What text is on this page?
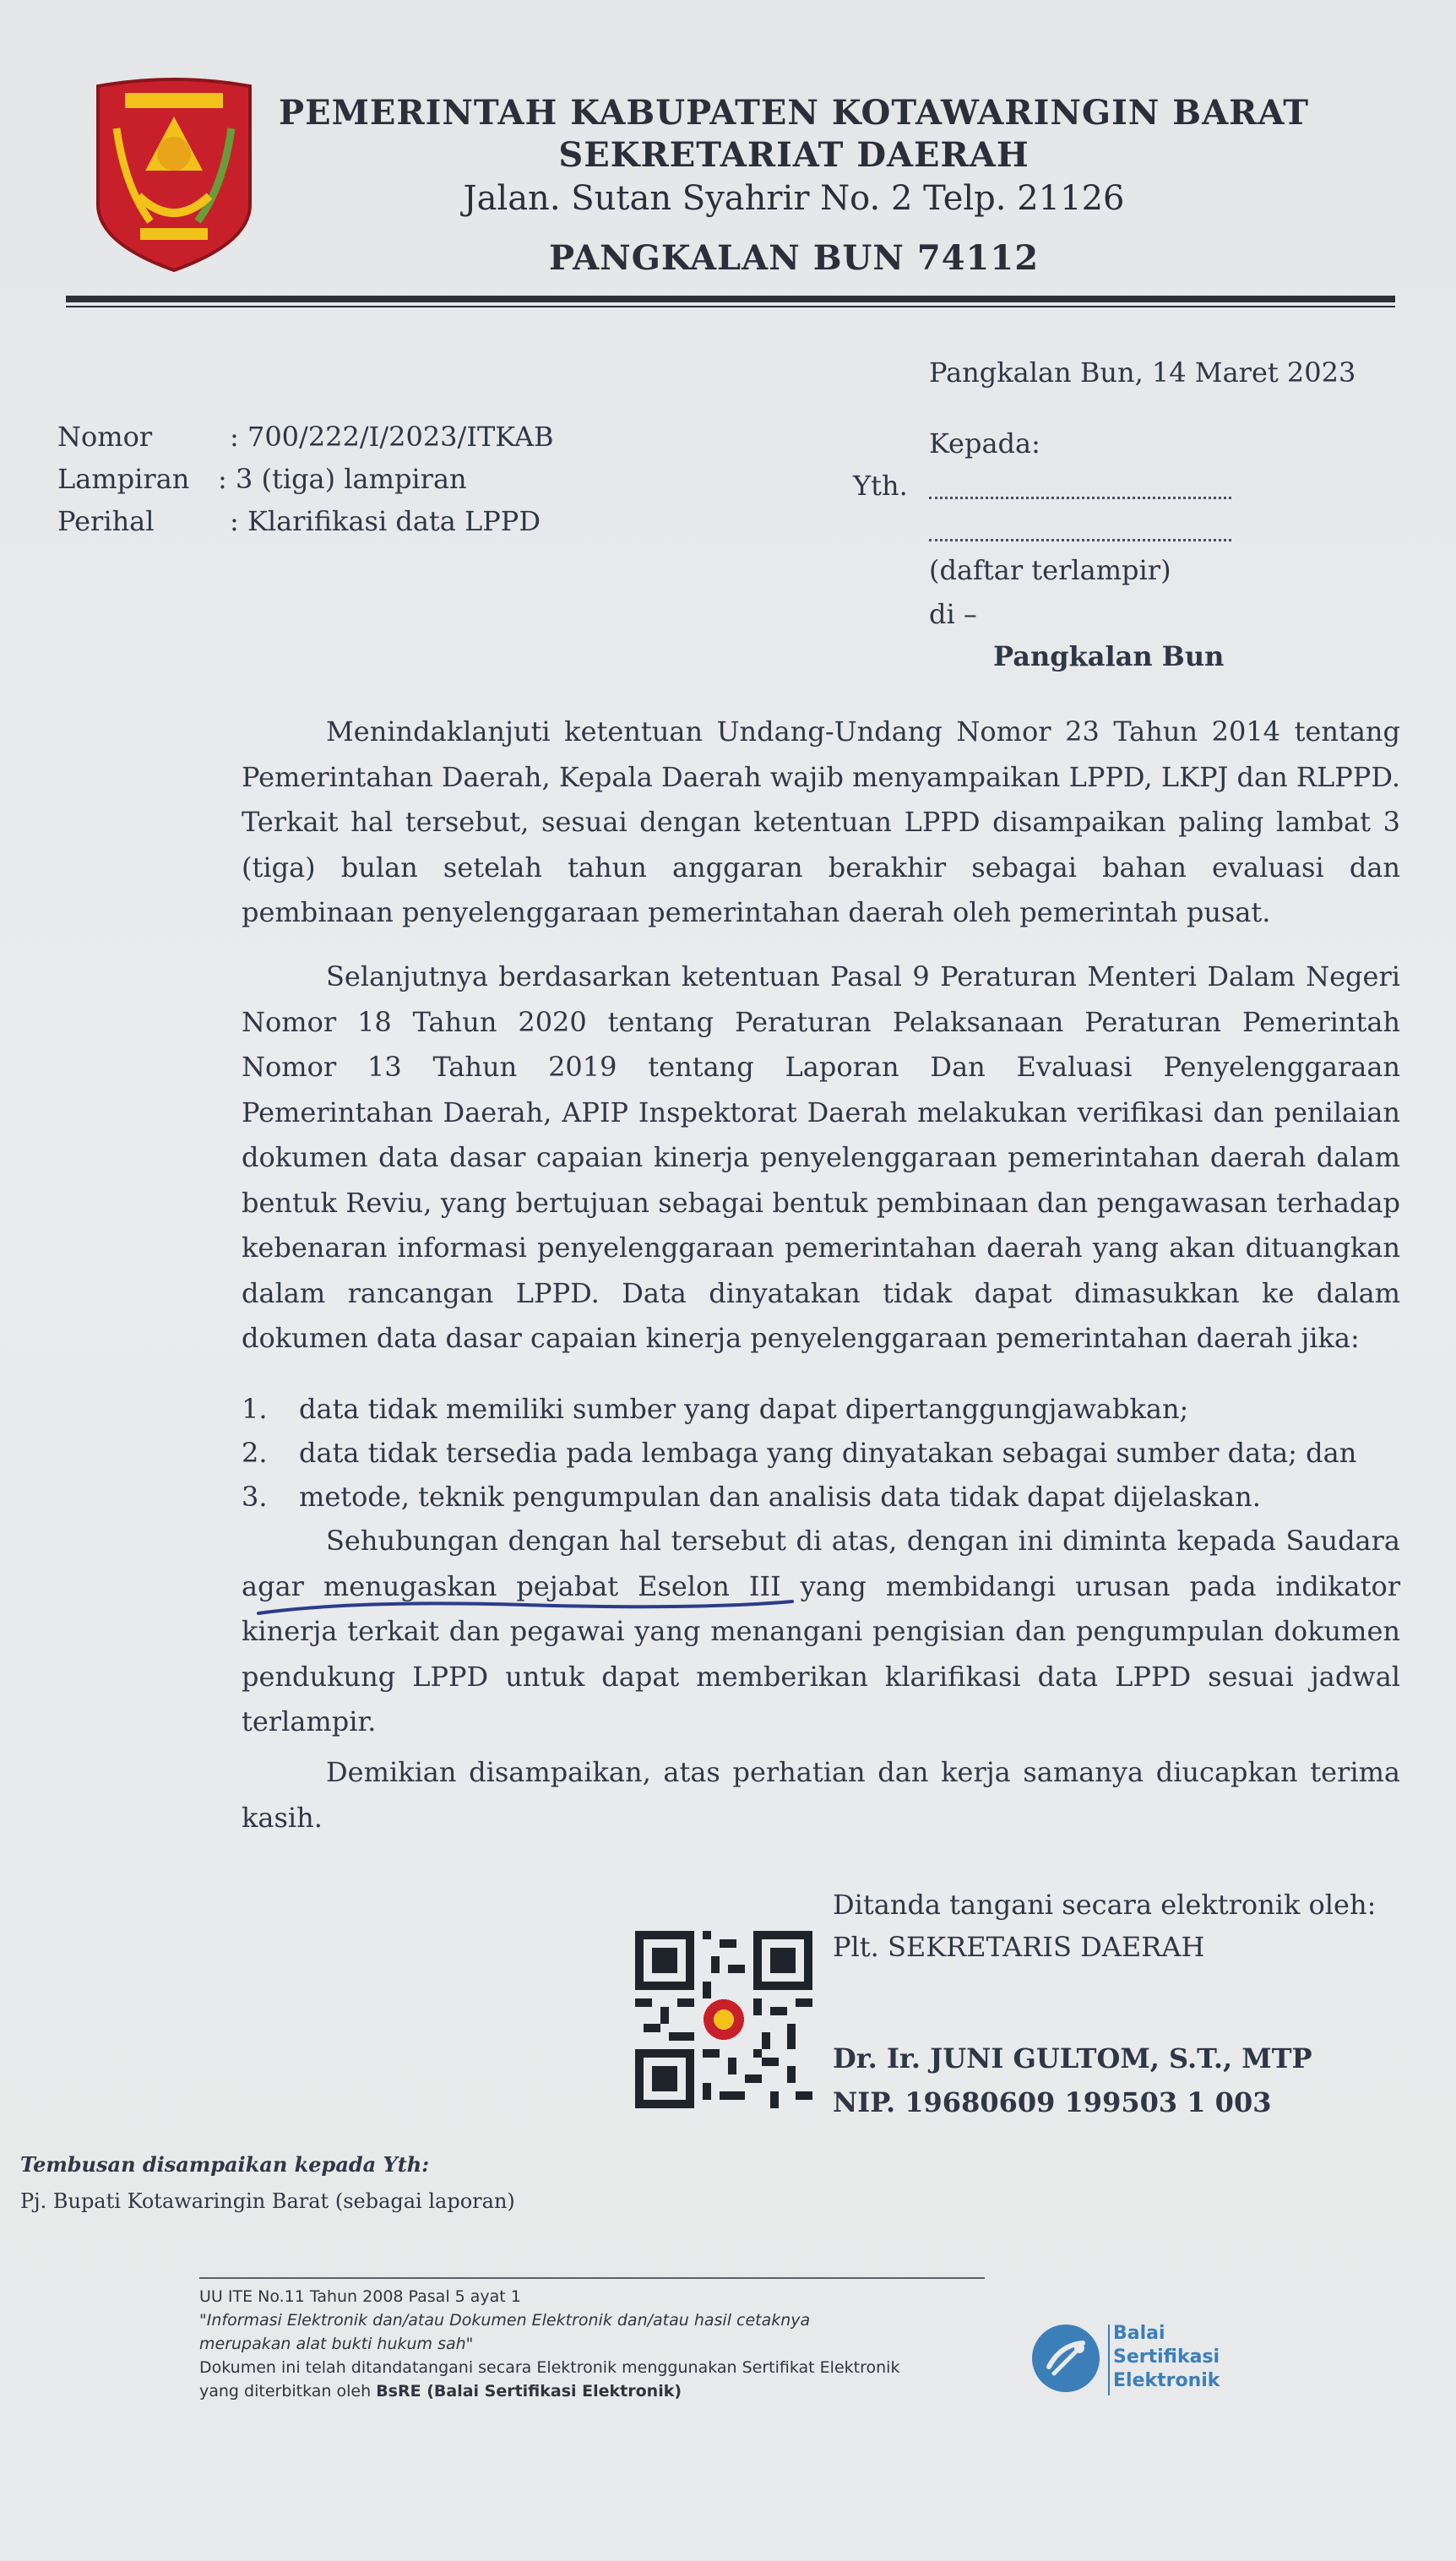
PEMERINTAH KABUPATEN KOTAWARINGIN BARAT
SEKRETARIAT DAERAH
Jalan. Sutan Syahrir No. 2 Telp. 21126
PANGKALAN BUN 74112
Pangkalan Bun, 14 Maret 2023
Nomor	: 700/222/I/2023/ITKAB
Lampiran : 3 (tiga) lampiran
Perihal	: Klarifikasi data LPPD
Kepada:
Yth.
(daftar terlampir)
di –
Pangkalan Bun
Menindaklanjuti ketentuan Undang-Undang Nomor 23 Tahun 2014 tentang Pemerintahan Daerah, Kepala Daerah wajib menyampaikan LPPD, LKPJ dan RLPPD. Terkait hal tersebut, sesuai dengan ketentuan LPPD disampaikan paling lambat 3 (tiga) bulan setelah tahun anggaran berakhir sebagai bahan evaluasi dan pembinaan penyelenggaraan pemerintahan daerah oleh pemerintah pusat.
Selanjutnya berdasarkan ketentuan Pasal 9 Peraturan Menteri Dalam Negeri Nomor 18 Tahun 2020 tentang Peraturan Pelaksanaan Peraturan Pemerintah Nomor 13 Tahun 2019 tentang Laporan Dan Evaluasi Penyelenggaraan Pemerintahan Daerah, APIP Inspektorat Daerah melakukan verifikasi dan penilaian dokumen data dasar capaian kinerja penyelenggaraan pemerintahan daerah dalam bentuk Reviu, yang bertujuan sebagai bentuk pembinaan dan pengawasan terhadap kebenaran informasi penyelenggaraan pemerintahan daerah yang akan dituangkan dalam rancangan LPPD. Data dinyatakan tidak dapat dimasukkan ke dalam dokumen data dasar capaian kinerja penyelenggaraan pemerintahan daerah jika:
1. data tidak memiliki sumber yang dapat dipertanggungjawabkan;
2. data tidak tersedia pada lembaga yang dinyatakan sebagai sumber data; dan
3. metode, teknik pengumpulan dan analisis data tidak dapat dijelaskan.
Sehubungan dengan hal tersebut di atas, dengan ini diminta kepada Saudara agar menugaskan pejabat Eselon III yang membidangi urusan pada indikator kinerja terkait dan pegawai yang menangani pengisian dan pengumpulan dokumen pendukung LPPD untuk dapat memberikan klarifikasi data LPPD sesuai jadwal terlampir.
Demikian disampaikan, atas perhatian dan kerja samanya diucapkan terima kasih.
Ditanda tangani secara elektronik oleh:
Plt. SEKRETARIS DAERAH
Dr. Ir. JUNI GULTOM, S.T., MTP
NIP. 19680609 199503 1 003
Tembusan disampaikan kepada Yth:
Pj. Bupati Kotawaringin Barat (sebagai laporan)
UU ITE No.11 Tahun 2008 Pasal 5 ayat 1
"Informasi Elektronik dan/atau Dokumen Elektronik dan/atau hasil cetaknya
merupakan alat bukti hukum sah"
Dokumen ini telah ditandatangani secara Elektronik menggunakan Sertifikat Elektronik
yang diterbitkan oleh BsRE (Balai Sertifikasi Elektronik)
Balai
Sertifikasi
Elektronik
